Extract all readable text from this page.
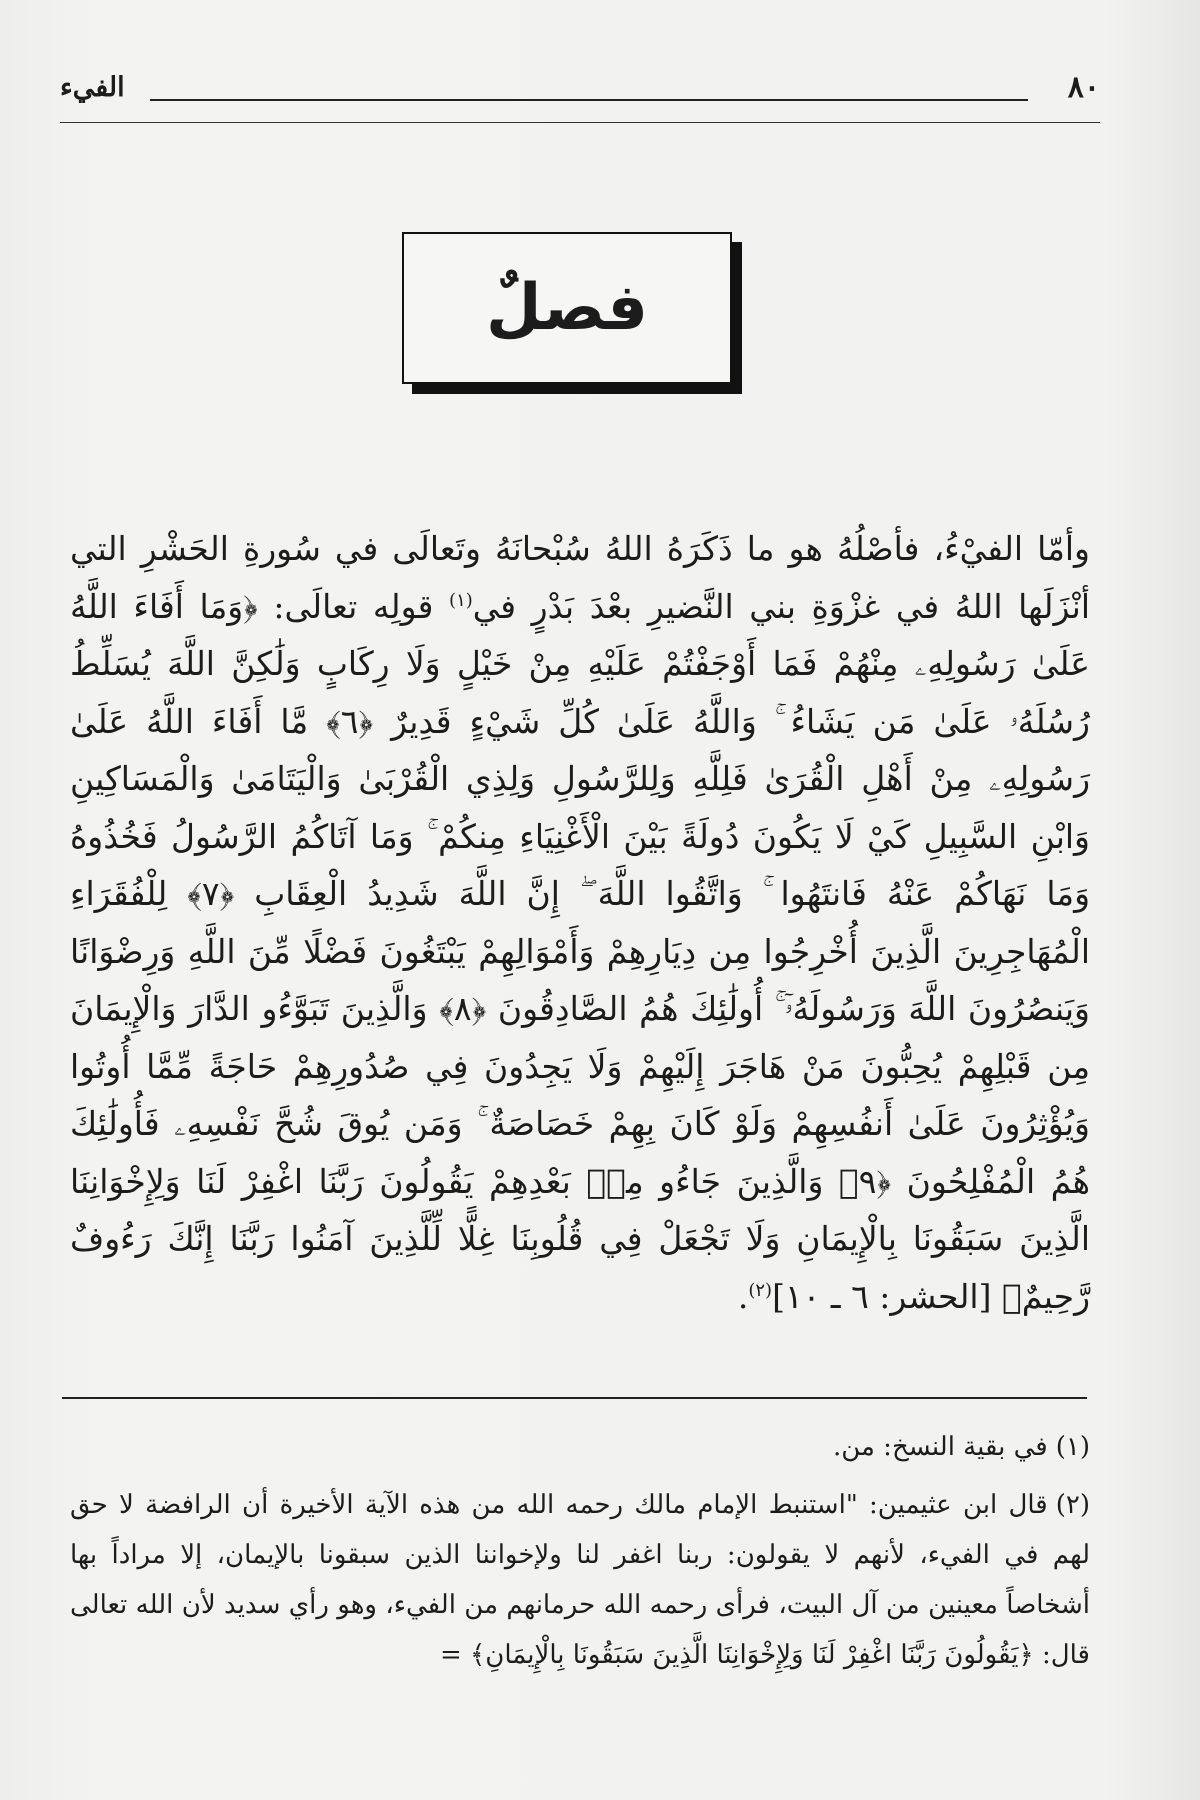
٨٠
الفيء
فصلٌ

وأمّا الفيْءُ، فأصْلُهُ هو ما ذَكَرَهُ اللهُ سُبْحانَهُ وتَعالَى في سُورةِ الحَشْرِ التي أنْزَلَها اللهُ في غزْوَةِ بني النَّضيرِ بعْدَ بَدْرٍ في$^{(١)}$ قولِه تعالَى: ﴿وَمَا أَفَاءَ اللَّهُ عَلَىٰ رَسُولِهِۦ مِنْهُمْ فَمَا أَوْجَفْتُمْ عَلَيْهِ مِنْ خَيْلٍ وَلَا رِكَابٍ وَلَٰكِنَّ اللَّهَ يُسَلِّطُ رُسُلَهُۥ عَلَىٰ مَن يَشَاءُ ۚ وَاللَّهُ عَلَىٰ كُلِّ شَيْءٍ قَدِيرٌ ﴿٦﴾ مَّا أَفَاءَ اللَّهُ عَلَىٰ رَسُولِهِۦ مِنْ أَهْلِ الْقُرَىٰ فَلِلَّهِ وَلِلرَّسُولِ وَلِذِي الْقُرْبَىٰ وَالْيَتَامَىٰ وَالْمَسَاكِينِ وَابْنِ السَّبِيلِ كَيْ لَا يَكُونَ دُولَةً بَيْنَ الْأَغْنِيَاءِ مِنكُمْ ۚ وَمَا آتَاكُمُ الرَّسُولُ فَخُذُوهُ وَمَا نَهَاكُمْ عَنْهُ فَانتَهُوا ۚ وَاتَّقُوا اللَّهَ ۖ إِنَّ اللَّهَ شَدِيدُ الْعِقَابِ ﴿٧﴾ لِلْفُقَرَاءِ الْمُهَاجِرِينَ الَّذِينَ أُخْرِجُوا مِن دِيَارِهِمْ وَأَمْوَالِهِمْ يَبْتَغُونَ فَضْلًا مِّنَ اللَّهِ وَرِضْوَانًا وَيَنصُرُونَ اللَّهَ وَرَسُولَهُۥٓ ۚ أُولَٰئِكَ هُمُ الصَّادِقُونَ ﴿٨﴾ وَالَّذِينَ تَبَوَّءُو الدَّارَ وَالْإِيمَانَ مِن قَبْلِهِمْ يُحِبُّونَ مَنْ هَاجَرَ إِلَيْهِمْ وَلَا يَجِدُونَ فِي صُدُورِهِمْ حَاجَةً مِّمَّا أُوتُوا وَيُؤْثِرُونَ عَلَىٰ أَنفُسِهِمْ وَلَوْ كَانَ بِهِمْ خَصَاصَةٌ ۚ وَمَن يُوقَ شُحَّ نَفْسِهِۦ فَأُولَٰئِكَ هُمُ الْمُفْلِحُونَ ﴿٩﴾ وَالَّذِينَ جَاءُو مِنۢ بَعْدِهِمْ يَقُولُونَ رَبَّنَا اغْفِرْ لَنَا وَلِإِخْوَانِنَا الَّذِينَ سَبَقُونَا بِالْإِيمَانِ وَلَا تَجْعَلْ فِي قُلُوبِنَا غِلًّا لِّلَّذِينَ آمَنُوا رَبَّنَا إِنَّكَ رَءُوفٌ رَّحِيمٌ﴾ [الحشر: ٦ ـ ١٠]$^{(٢)}$.

(١)في بقية النسخ: من.

(٢)قال ابن عثيمين: "استنبط الإمام مالك رحمه الله من هذه الآية الأخيرة أن الرافضة لا حق لهم في الفيء، لأنهم لا يقولون: ربنا اغفر لنا ولإخواننا الذين سبقونا بالإيمان، إلا مراداً بها أشخاصاً معينين من آل البيت، فرأى رحمه الله حرمانهم من الفيء، وهو رأي سديد لأن الله تعالى قال: ﴿يَقُولُونَ رَبَّنَا اغْفِرْ لَنَا وَلِإِخْوَانِنَا الَّذِينَ سَبَقُونَا بِالْإِيمَانِ﴾ =
